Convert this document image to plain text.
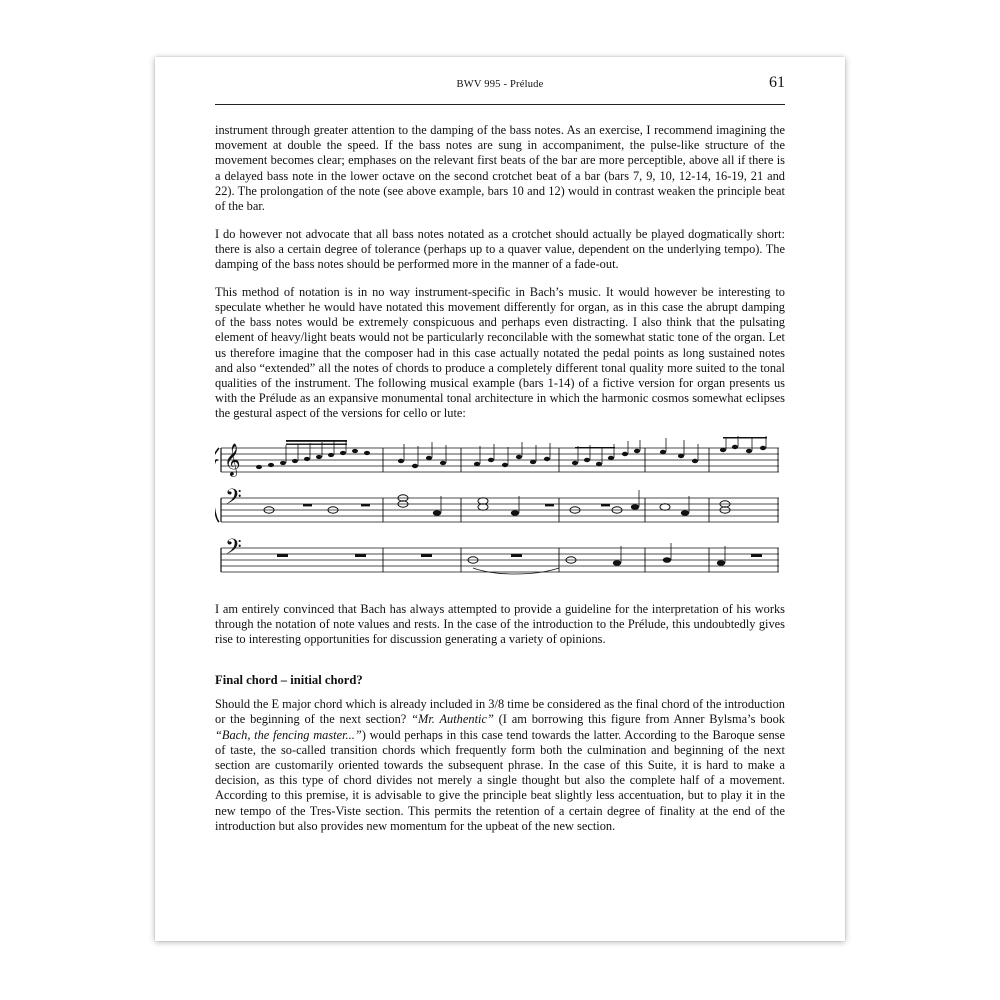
BWV 995 - Prélude	61

instrument through greater attention to the damping of the bass notes. As an exercise, I recommend imagining the movement at double the speed. If the bass notes are sung in accompaniment, the pulse-like structure of the movement becomes clear; emphases on the relevant first beats of the bar are more perceptible, above all if there is a delayed bass note in the lower octave on the second crotchet beat of a bar (bars 7, 9, 10, 12-14, 16-19, 21 and 22). The prolongation of the note (see above example, bars 10 and 12) would in contrast weaken the principle beat of the bar.

I do however not advocate that all bass notes notated as a crotchet should actually be played dogmatically short: there is also a certain degree of tolerance (perhaps up to a quaver value, dependent on the underlying tempo). The damping of the bass notes should be performed more in the manner of a fade-out.

This method of notation is in no way instrument-specific in Bach’s music. It would however be interesting to speculate whether he would have notated this movement differently for organ, as in this case the abrupt damping of the bass notes would be extremely conspicuous and perhaps even distracting. I also think that the pulsating element of heavy/light beats would not be particularly reconcilable with the somewhat static tone of the organ. Let us therefore imagine that the composer had in this case actually notated the pedal points as long sustained notes and also “extended” all the notes of chords to produce a completely different tonal quality more suited to the tonal qualities of the instrument. The following musical example (bars 1-14) of a fictive version for organ presents us with the Prélude as an expansive monumental tonal architecture in which the harmonic cosmos somewhat eclipses the gestural aspect of the versions for cello or lute:

𝄞
𝄢
𝄢

I am entirely convinced that Bach has always attempted to provide a guideline for the interpretation of his works through the notation of note values and rests. In the case of the introduction to the Prélude, this undoubtedly gives rise to interesting opportunities for discussion generating a variety of opinions.

Final chord – initial chord?

Should the E major chord which is already included in 3/8 time be considered as the final chord of the introduction or the beginning of the next section? “Mr. Authentic” (I am borrowing this figure from Anner Bylsma’s book “Bach, the fencing master...”) would perhaps in this case tend towards the latter. According to the Baroque sense of taste, the so-called transition chords which frequently form both the culmination and beginning of the next section are customarily oriented towards the subsequent phrase. In the case of this Suite, it is hard to make a decision, as this type of chord divides not merely a single thought but also the complete half of a movement. According to this premise, it is advisable to give the principle beat slightly less accentuation, but to play it in the new tempo of the Tres-Viste section. This permits the retention of a certain degree of finality at the end of the introduction but also provides new momentum for the upbeat of the new section.
